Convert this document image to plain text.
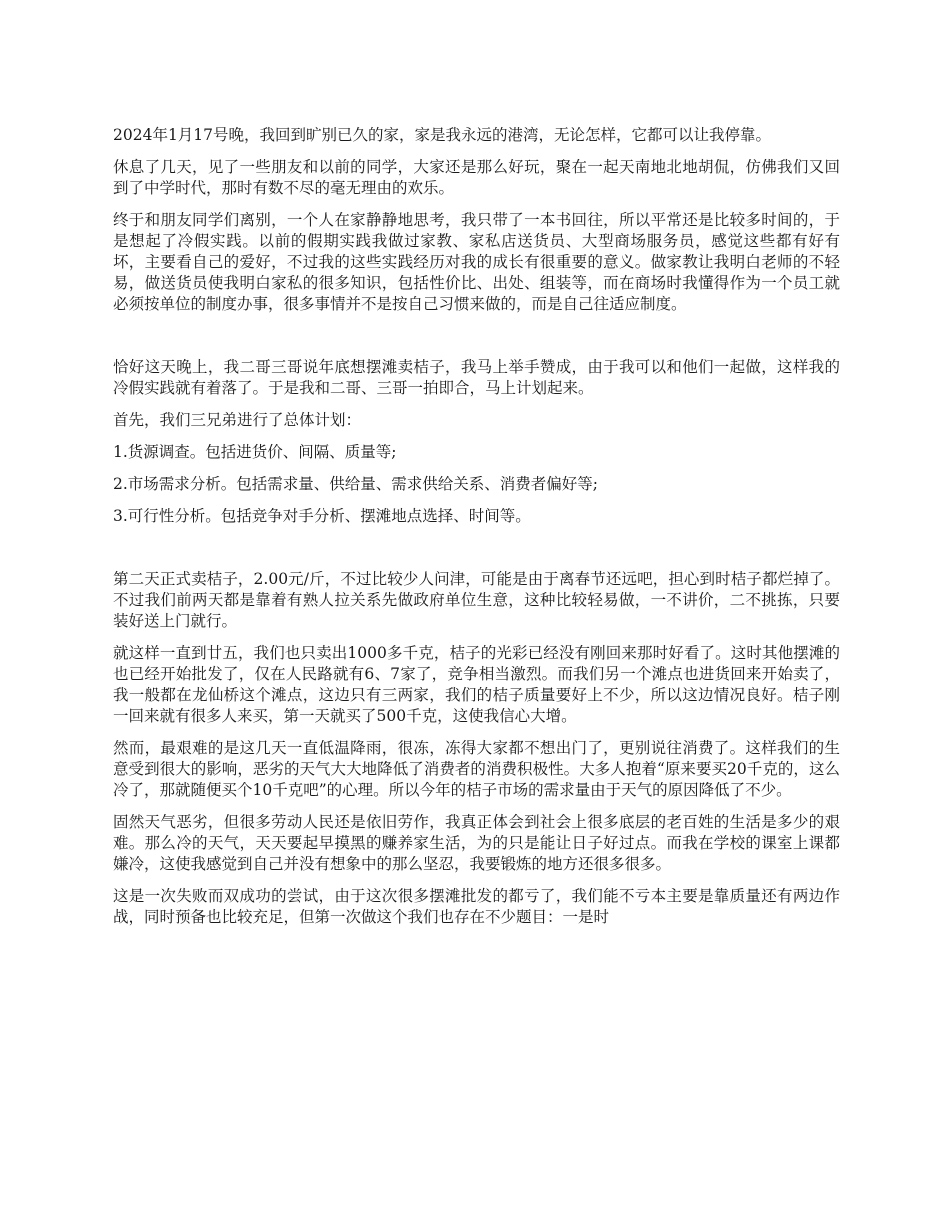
2024年1月17号晚，我回到旷别已久的家，家是我永远的港湾，无论怎样，它都可以让我停靠。

休息了几天，见了一些朋友和以前的同学，大家还是那么好玩，聚在一起天南地北地胡侃，仿佛我们又回到了中学时代，那时有数不尽的毫无理由的欢乐。

终于和朋友同学们离别，一个人在家静静地思考，我只带了一本书回往，所以平常还是比较多时间的，于是想起了冷假实践。以前的假期实践我做过家教、家私店送货员、大型商场服务员，感觉这些都有好有坏，主要看自己的爱好，不过我的这些实践经历对我的成长有很重要的意义。做家教让我明白老师的不轻易，做送货员使我明白家私的很多知识，包括性价比、出处、组装等，而在商场时我懂得作为一个员工就必须按单位的制度办事，很多事情并不是按自己习惯来做的，而是自己往适应制度。

恰好这天晚上，我二哥三哥说年底想摆滩卖桔子，我马上举手赞成，由于我可以和他们一起做，这样我的冷假实践就有着落了。于是我和二哥、三哥一拍即合，马上计划起来。

首先，我们三兄弟进行了总体计划：

1.货源调查。包括进货价、间隔、质量等;

2.市场需求分析。包括需求量、供给量、需求供给关系、消费者偏好等;

3.可行性分析。包括竞争对手分析、摆滩地点选择、时间等。

第二天正式卖桔子，2.00元/斤，不过比较少人问津，可能是由于离春节还远吧，担心到时桔子都烂掉了。不过我们前两天都是靠着有熟人拉关系先做政府单位生意，这种比较轻易做，一不讲价，二不挑拣，只要装好送上门就行。

就这样一直到廿五，我们也只卖出1000多千克，桔子的光彩已经没有刚回来那时好看了。这时其他摆滩的也已经开始批发了，仅在人民路就有6、7家了，竞争相当激烈。而我们另一个滩点也进货回来开始卖了，我一般都在龙仙桥这个滩点，这边只有三两家，我们的桔子质量要好上不少，所以这边情况良好。桔子刚一回来就有很多人来买，第一天就买了500千克，这使我信心大增。

然而，最艰难的是这几天一直低温降雨，很冻，冻得大家都不想出门了，更别说往消费了。这样我们的生意受到很大的影响，恶劣的天气大大地降低了消费者的消费积极性。大多人抱着“原来要买20千克的，这么冷了，那就随便买个10千克吧”的心理。所以今年的桔子市场的需求量由于天气的原因降低了不少。

固然天气恶劣，但很多劳动人民还是依旧劳作，我真正体会到社会上很多底层的老百姓的生活是多少的艰难。那么冷的天气，天天要起早摸黑的赚养家生活，为的只是能让日子好过点。而我在学校的课室上课都嫌冷，这使我感觉到自己并没有想象中的那么坚忍，我要锻炼的地方还很多很多。

这是一次失败而双成功的尝试，由于这次很多摆滩批发的都亏了，我们能不亏本主要是靠质量还有两边作战，同时预备也比较充足，但第一次做这个我们也存在不少题目：一是时
